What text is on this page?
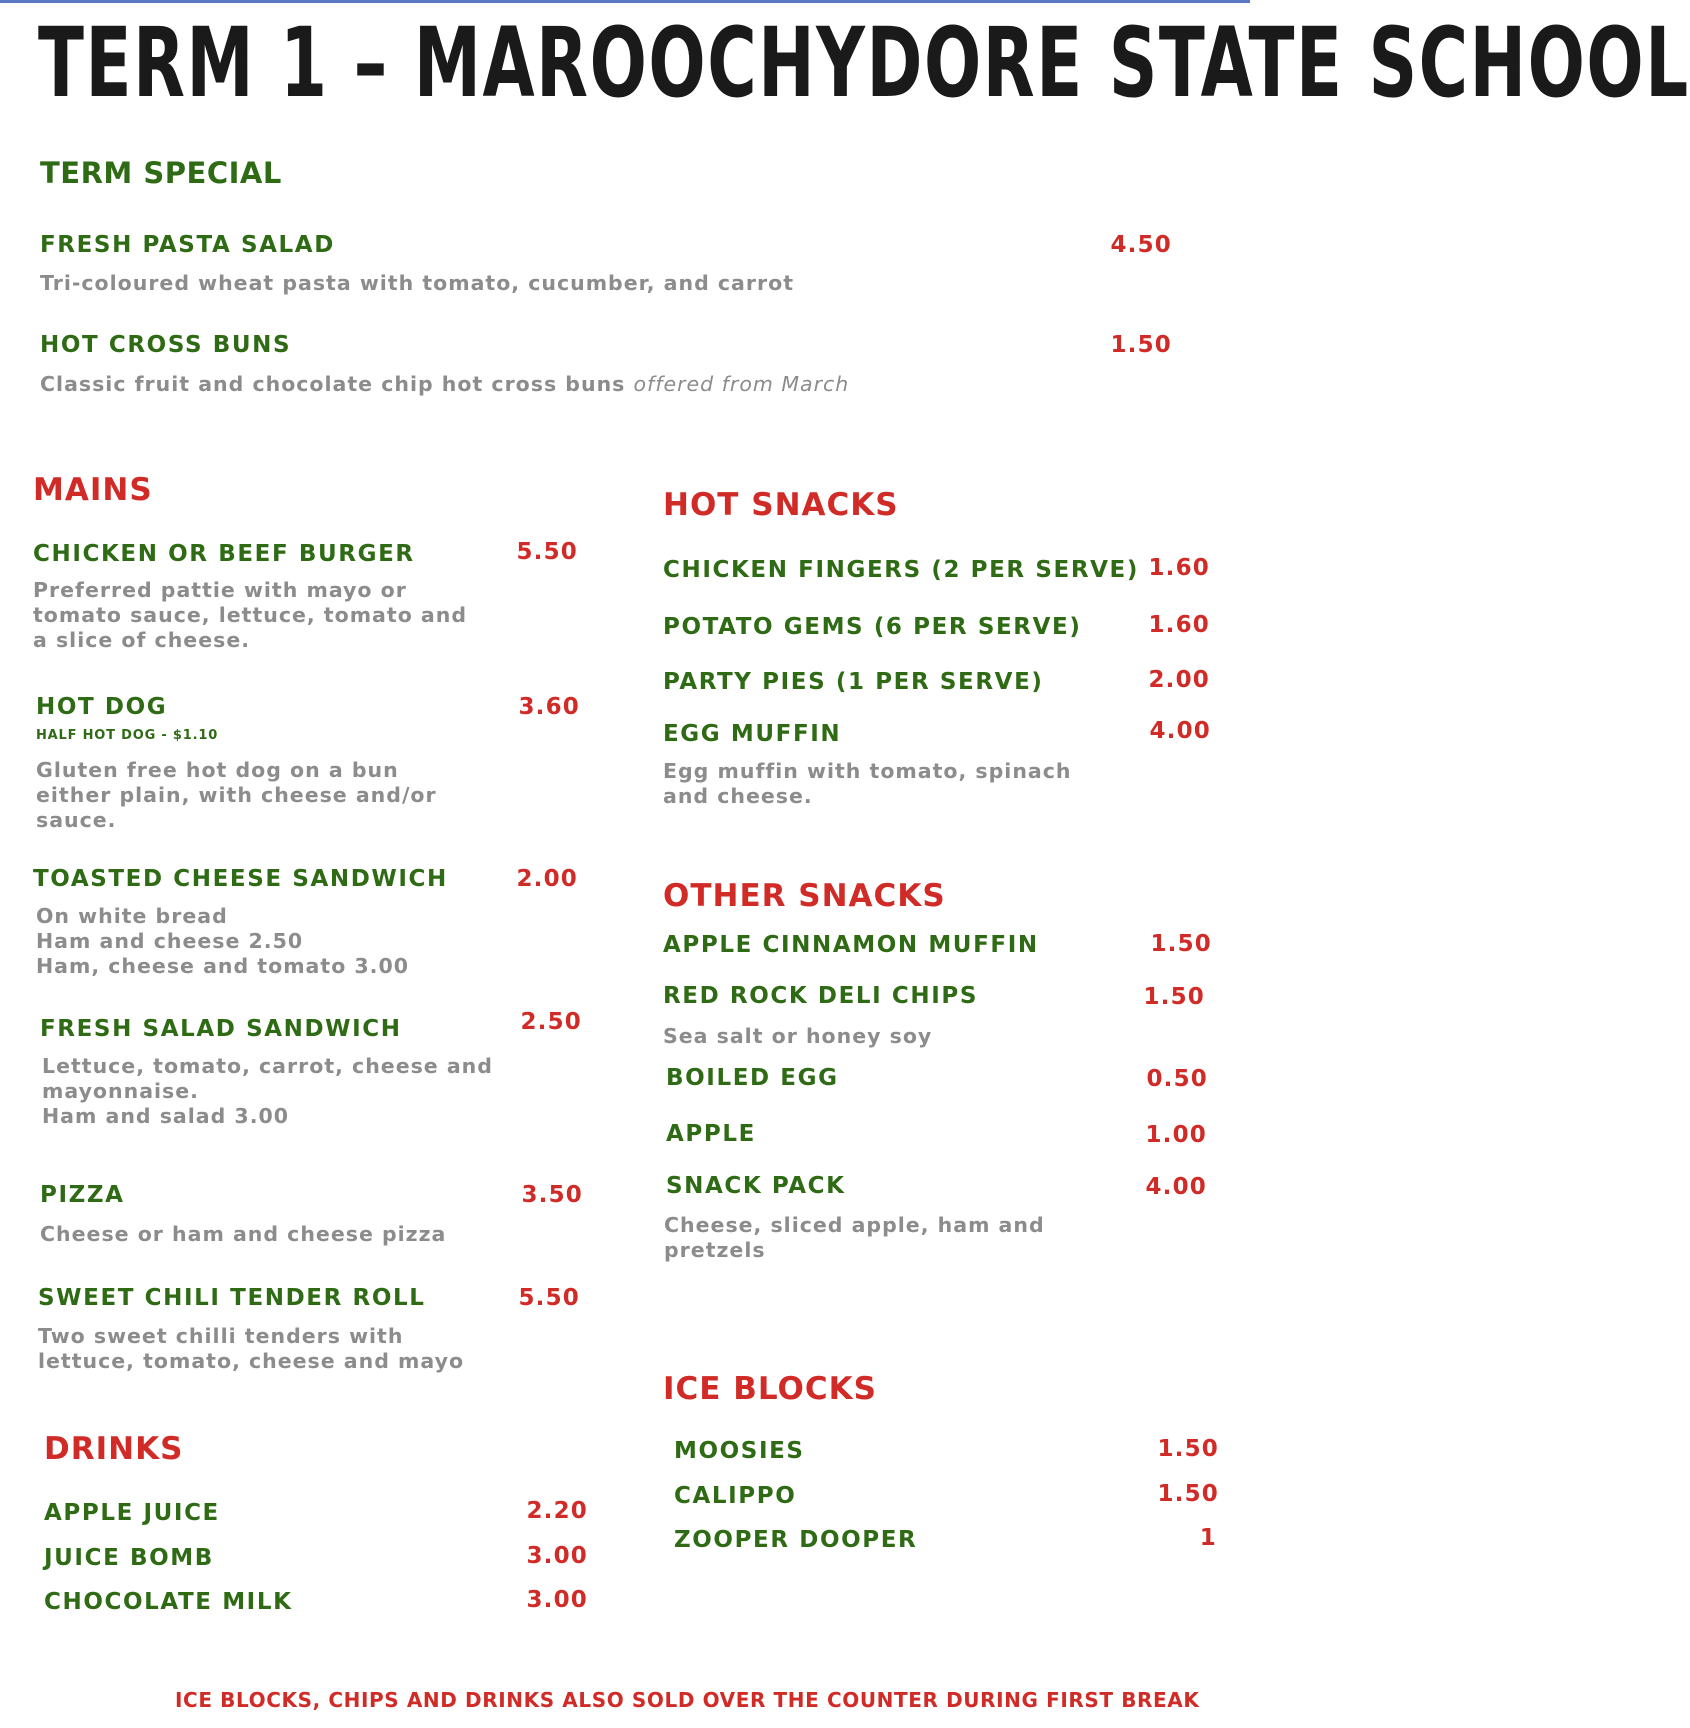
TERM 1 – MAROOCHYDORE STATE SCHOOL
TERM SPECIAL
FRESH PASTA SALAD	4.50
Tri-coloured wheat pasta with tomato, cucumber, and carrot
HOT CROSS BUNS	1.50
Classic fruit and chocolate chip hot cross buns offered from March
MAINS
CHICKEN OR BEEF BURGER	5.50
Preferred pattie with mayo or
tomato sauce, lettuce, tomato and
a slice of cheese.
HOT DOG	3.60
HALF HOT DOG - $1.10
Gluten free hot dog on a bun
either plain, with cheese and/or
sauce.
TOASTED CHEESE SANDWICH	2.00
On white bread
Ham and cheese 2.50
Ham, cheese and tomato 3.00
FRESH SALAD SANDWICH	2.50
Lettuce, tomato, carrot, cheese and
mayonnaise.
Ham and salad 3.00
PIZZA	3.50
Cheese or ham and cheese pizza
SWEET CHILI TENDER ROLL	5.50
Two sweet chilli tenders with
lettuce, tomato, cheese and mayo
DRINKS
APPLE JUICE	2.20
JUICE BOMB	3.00
CHOCOLATE MILK	3.00
HOT SNACKS
CHICKEN FINGERS (2 PER SERVE) 1.60
POTATO GEMS (6 PER SERVE)	1.60
PARTY PIES (1 PER SERVE)	2.00
EGG MUFFIN	4.00
Egg muffin with tomato, spinach
and cheese.
OTHER SNACKS
APPLE CINNAMON MUFFIN	1.50
RED ROCK DELI CHIPS	1.50
Sea salt or honey soy
BOILED EGG	0.50
APPLE	1.00
SNACK PACK	4.00
Cheese, sliced apple, ham and
pretzels
ICE BLOCKS
MOOSIES	1.50
CALIPPO	1.50
ZOOPER DOOPER	1
ICE BLOCKS, CHIPS AND DRINKS ALSO SOLD OVER THE COUNTER DURING FIRST BREAK
